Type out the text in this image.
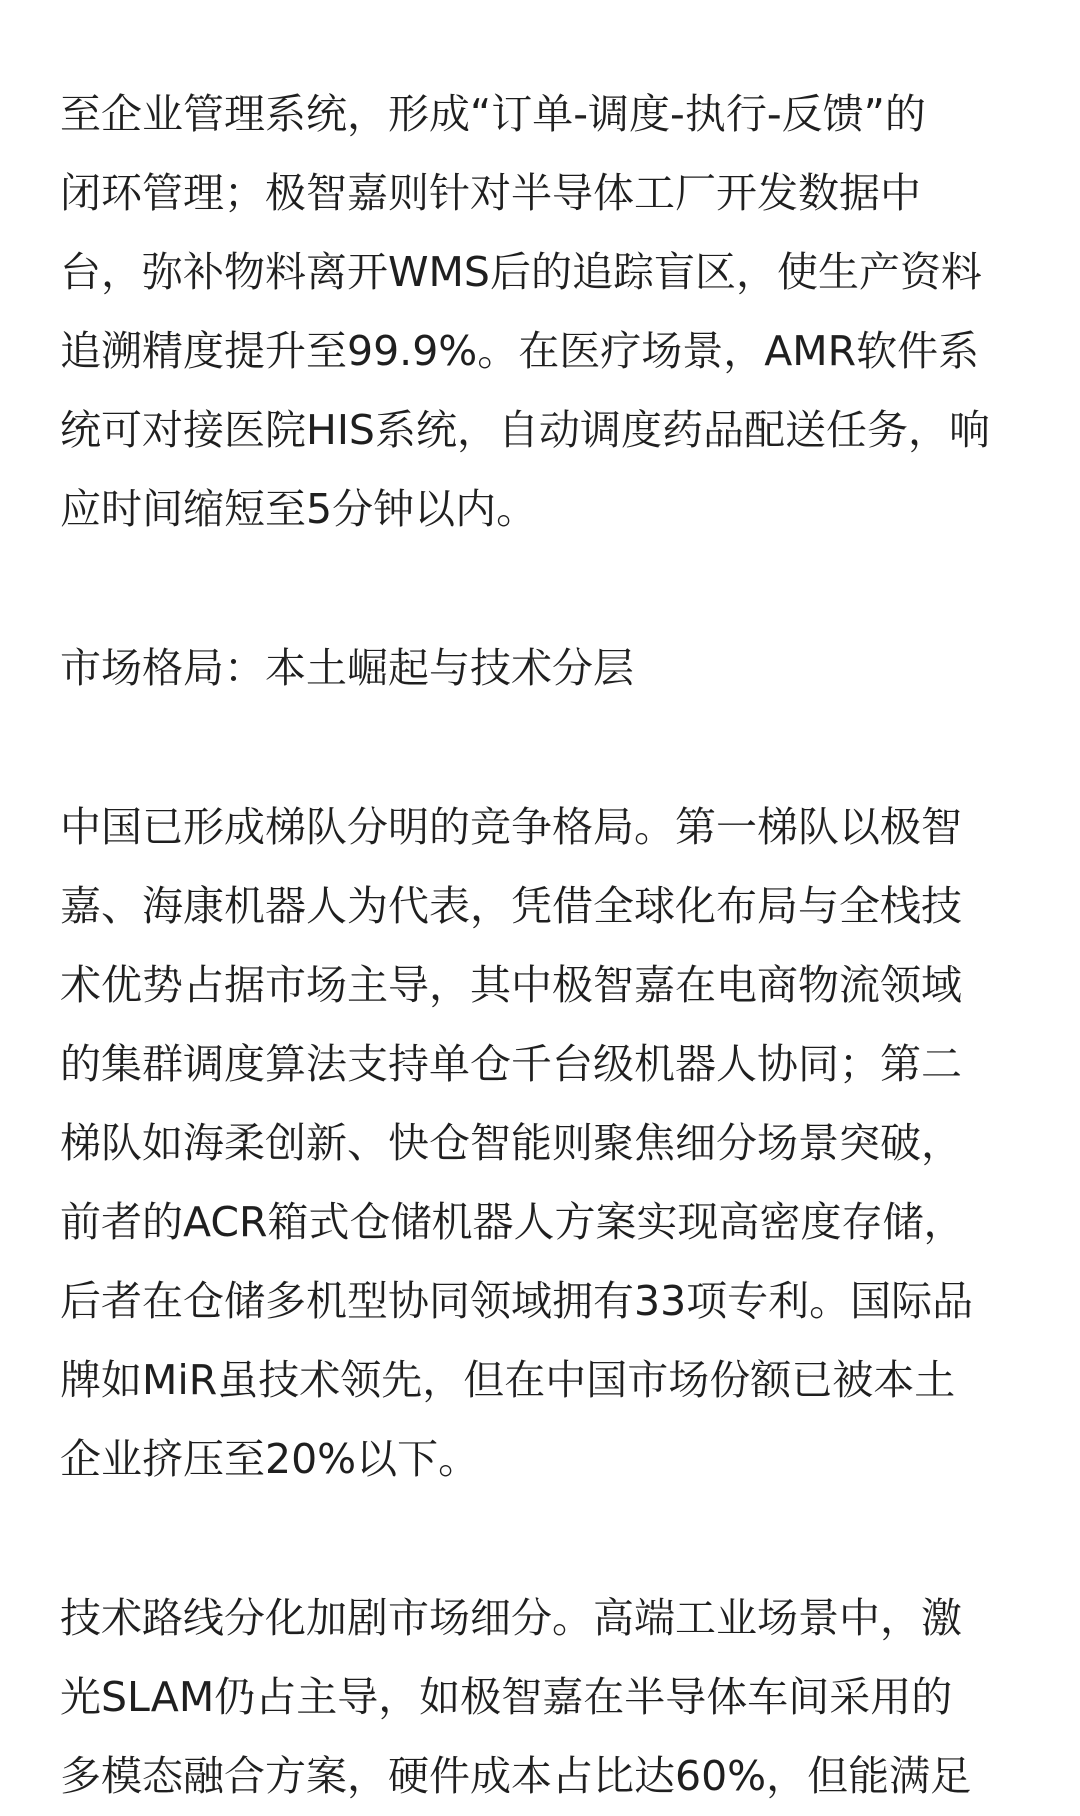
至企业管理系统，形成“订单-调度-执行-反馈”的
闭环管理；极智嘉则针对半导体工厂开发数据中
台，弥补物料离开WMS后的追踪盲区，使生产资料
追溯精度提升至99.9%。在医疗场景，AMR软件系
统可对接医院HIS系统，自动调度药品配送任务，响
应时间缩短至5分钟以内。
市场格局：本土崛起与技术分层
中国已形成梯队分明的竞争格局。第一梯队以极智
嘉、海康机器人为代表，凭借全球化布局与全栈技
术优势占据市场主导，其中极智嘉在电商物流领域
的集群调度算法支持单仓千台级机器人协同；第二
梯队如海柔创新、快仓智能则聚焦细分场景突破，
前者的ACR箱式仓储机器人方案实现高密度存储，
后者在仓储多机型协同领域拥有33项专利。国际品
牌如MiR虽技术领先，但在中国市场份额已被本土
企业挤压至20%以下。
技术路线分化加剧市场细分。高端工业场景中，激
光SLAM仍占主导，如极智嘉在半导体车间采用的
多模态融合方案，硬件成本占比达60%，但能满足
